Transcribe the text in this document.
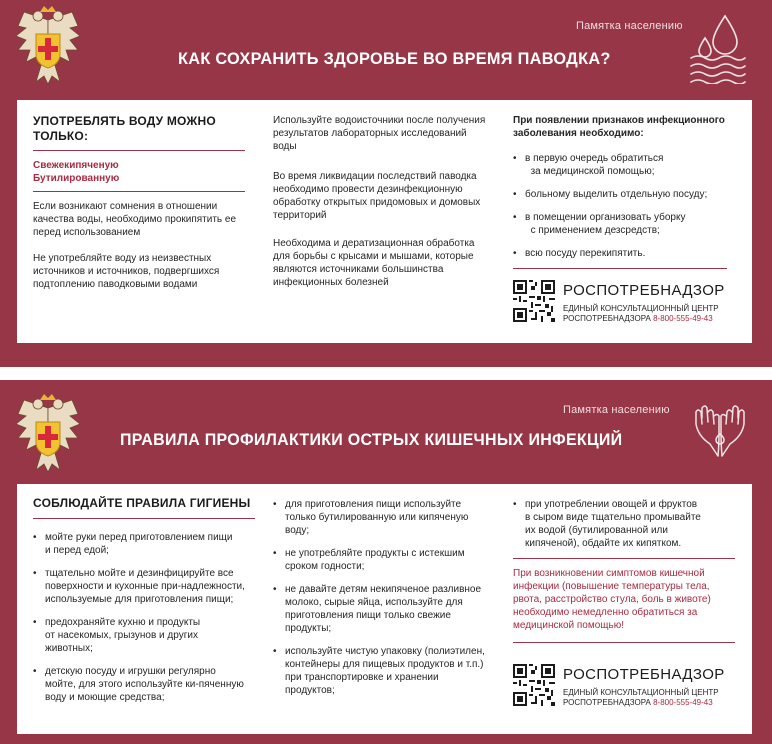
Памятка населению
КАК СОХРАНИТЬ ЗДОРОВЬЕ ВО ВРЕМЯ ПАВОДКА?
УПОТРЕБЛЯТЬ ВОДУ МОЖНО
ТОЛЬКО:
Свежекипяченую
Бутилированную

Если возникают сомнения в отношении
качества воды, необходимо прокипятить ее
перед использованием

Не употребляйте воду из неизвестных
источников и источников, подвергшихся
подтоплению паводковыми водами

Используйте водоисточники после получения
результатов лабораторных исследований
воды

Во время ликвидации последствий паводка
необходимо провести дезинфекционную
обработку открытых придомовых и домовых
территорий

Необходима и дератизационная обработка
для борьбы с крысами и мышами, которые
являются источниками большинства
инфекционных болезней

При появлении признаков инфекционного
заболевания необходимо:

• в первую очередь обратиться
за медицинской помощью;
• больному выделить отдельную посуду;
• в помещении организовать уборку
с применением дезсредств;
• всю посуду перекипятить.
РОСПОТРЕБНАДЗОР
ЕДИНЫЙ КОНСУЛЬТАЦИОННЫЙ ЦЕНТР
РОСПОТРЕБНАДЗОРА 8-800-555-49-43
Памятка населению
ПРАВИЛА ПРОФИЛАКТИКИ ОСТРЫХ КИШЕЧНЫХ ИНФЕКЦИЙ
СОБЛЮДАЙТЕ ПРАВИЛА ГИГИЕНЫ
• мойте руки перед приготовлением пищи
и перед едой;
• тщательно мойте и дезинфицируйте все
поверхности и кухонные при-надлежности,
используемые для приготовления пищи;
• предохраняйте кухню и продукты
от насекомых, грызунов и других
животных;
• детскую посуду и игрушки регулярно
мойте, для этого используйте ки-пяченную
воду и моющие средства;
• для приготовления пищи используйте
только бутилированную или кипяченую
воду;
• не употребляйте продукты с истекшим
сроком годности;
• не давайте детям некипяченое разливное
молоко, сырые яйца, используйте для
приготовления пищи только свежие
продукты;
• используйте чистую упаковку (полиэтилен,
контейнеры для пищевых продуктов и т.п.)
при транспортировке и хранении
продуктов;
• при употреблении овощей и фруктов
в сыром виде тщательно промывайте
их водой (бутилированной или
кипяченой), обдайте их кипятком.

При возникновении симптомов кишечной
инфекции (повышение температуры тела,
рвота, расстройство стула, боль в животе)
необходимо немедленно обратиться за
медицинской помощью!

РОСПОТРЕБНАДЗОР
ЕДИНЫЙ КОНСУЛЬТАЦИОННЫЙ ЦЕНТР
РОСПОТРЕБНАДЗОРА 8-800-555-49-43
